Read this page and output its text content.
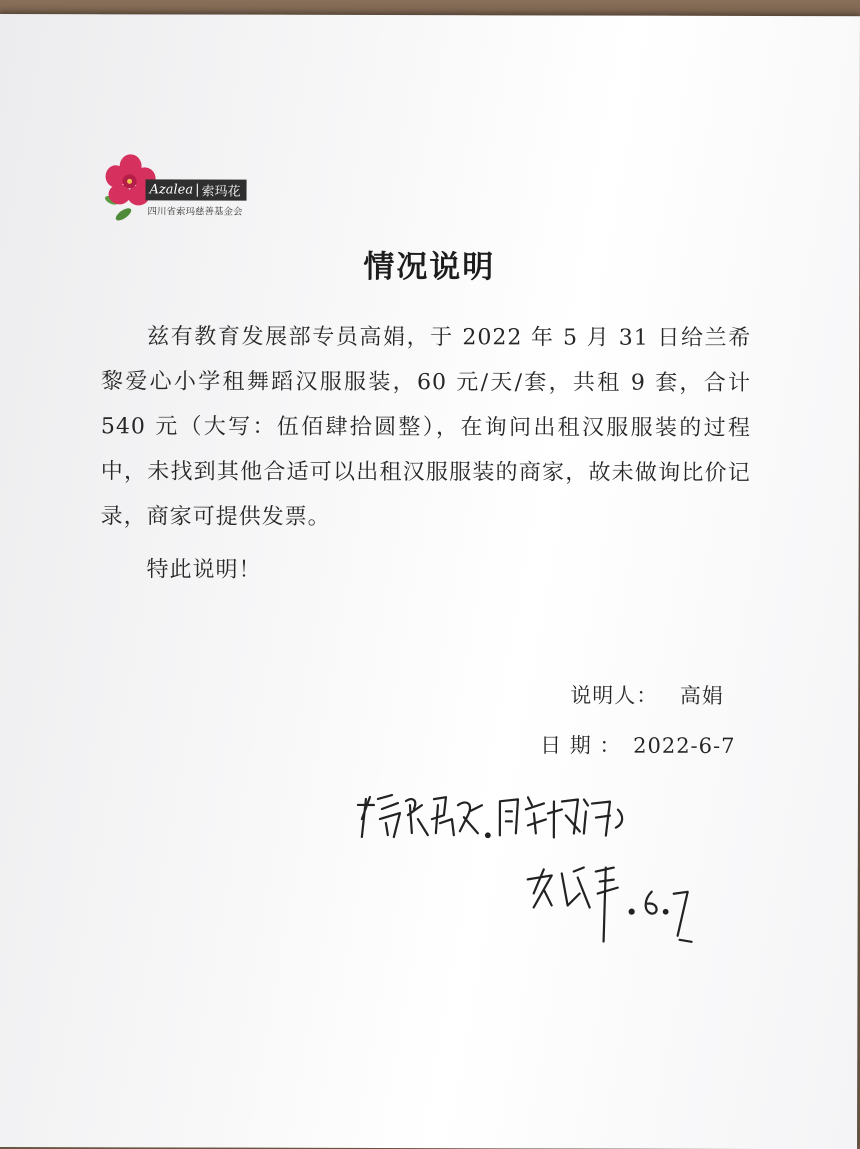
Azalea | 索玛花
四川省索玛慈善基金会
情况说明

兹有教育发展部专员高娟，于 2022 年 5 月 31 日给兰希黎爱心小学租舞蹈汉服服装，60 元/天/套，共租 9 套，合计 540 元（大写：伍佰肆拾圆整），在询问出租汉服服装的过程中，未找到其他合适可以出租汉服服装的商家，故未做询比价记录，商家可提供发票。

特此说明！

说明人： 高娟
日 期 ： 2022-6-7
